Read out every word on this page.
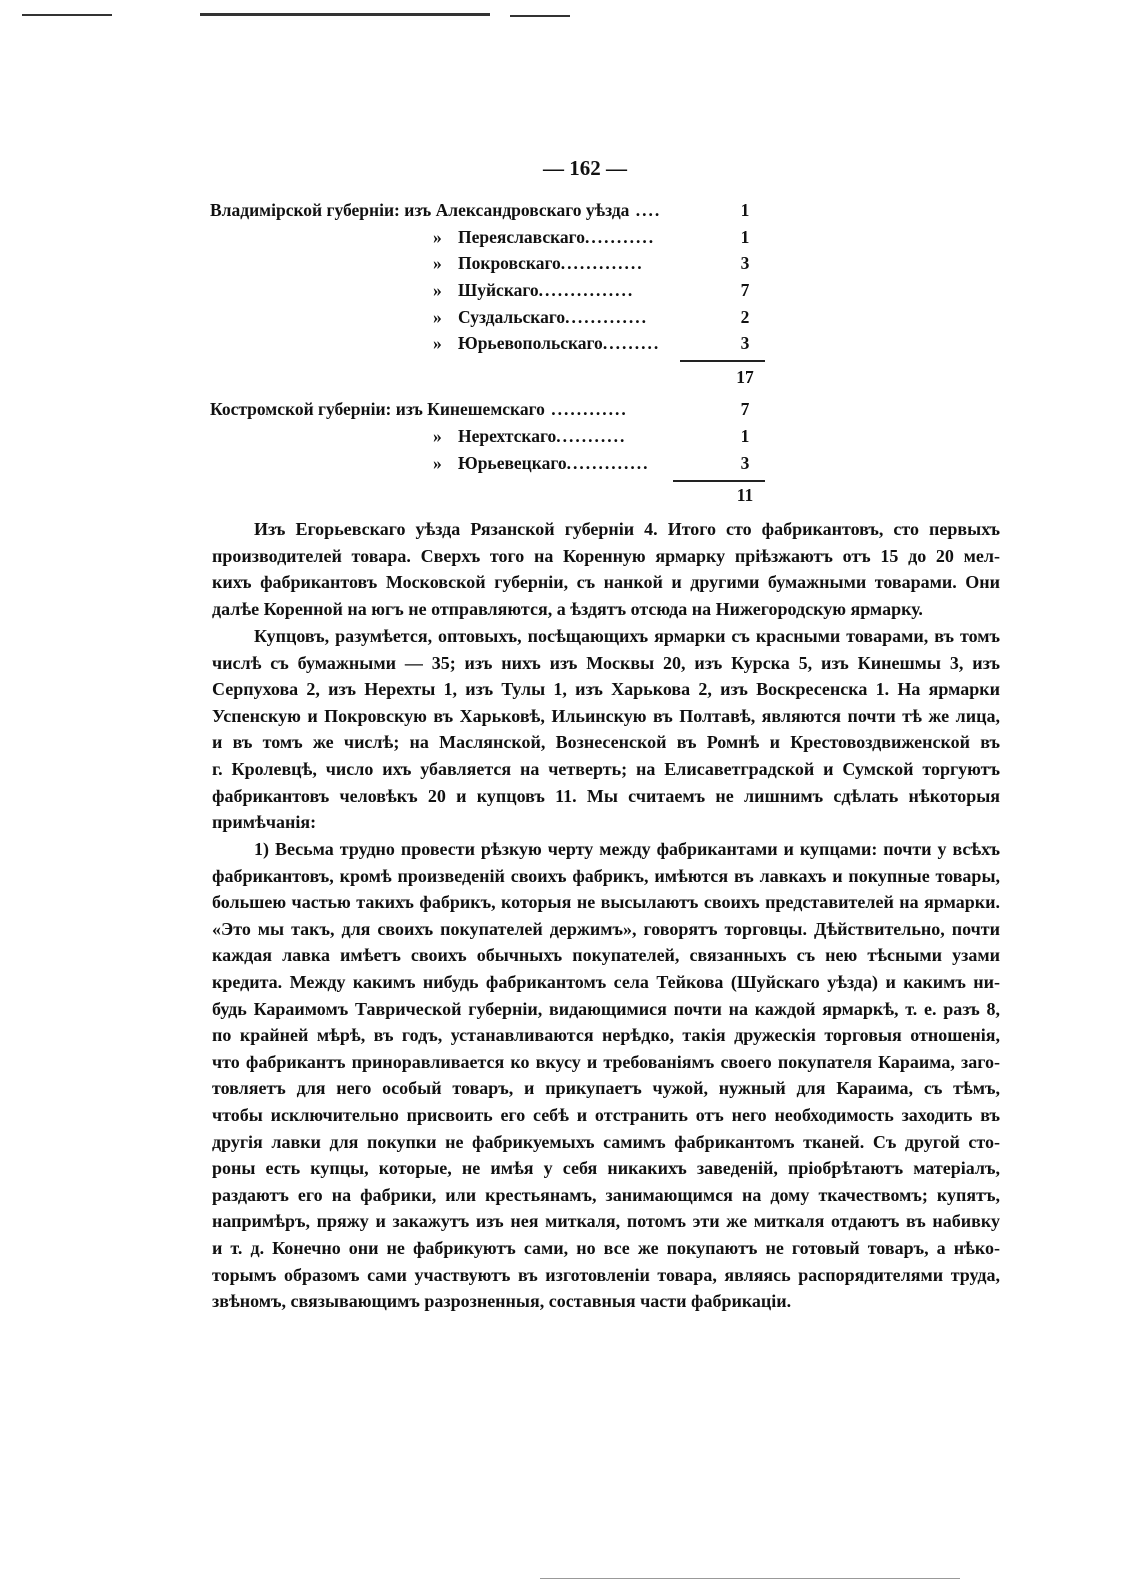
— 162 —
Владимірской губерніи: изъ Александровскаго уѣзда ....	1
» Переяславскаго...........	1
» Покровскаго.............	3
» Шуйскаго...............	7
» Суздальскаго.............	2
» Юрьевопольскаго.........	3
17
Костромской губерніи: изъ Кинешемскаго ............	7
» Нерехтскаго...........	1
» Юрьевецкаго.............	3
11
Изъ Егорьевскаго уѣзда Рязанской губерніи 4. Итого сто фабрикантовъ, сто первыхъ
производителей товара. Сверхъ того на Коренную ярмарку пріѣзжаютъ отъ 15 до 20 мел-
кихъ фабрикантовъ Московской губерніи, съ нанкой и другими бумажными товарами. Они
далѣе Коренной на югъ не отправляются, а ѣздятъ отсюда на Нижегородскую ярмарку.
Купцовъ, разумѣется, оптовыхъ, посѣщающихъ ярмарки съ красными товарами, въ томъ
числѣ съ бумажными — 35; изъ нихъ изъ Москвы 20, изъ Курска 5, изъ Кинешмы 3, изъ
Серпухова 2, изъ Нерехты 1, изъ Тулы 1, изъ Харькова 2, изъ Воскресенска 1. На ярмарки
Успенскую и Покровскую въ Харьковѣ, Ильинскую въ Полтавѣ, являются почти тѣ же лица,
и въ томъ же числѣ; на Маслянской, Вознесенской въ Ромнѣ и Крестовоздвиженской въ
г. Кролевцѣ, число ихъ убавляется на четверть; на Елисаветградской и Сумской торгуютъ
фабрикантовъ человѣкъ 20 и купцовъ 11. Мы считаемъ не лишнимъ сдѣлать нѣкоторыя
примѣчанія:
1) Весьма трудно провести рѣзкую черту между фабрикантами и купцами: почти у всѣхъ
фабрикантовъ, кромѣ произведеній своихъ фабрикъ, имѣются въ лавкахъ и покупные товары,
большею частью такихъ фабрикъ, которыя не высылаютъ своихъ представителей на ярмарки.
«Это мы такъ, для своихъ покупателей держимъ», говорятъ торговцы. Дѣйствительно, почти
каждая лавка имѣетъ своихъ обычныхъ покупателей, связанныхъ съ нею тѣсными узами
кредита. Между какимъ нибудь фабрикантомъ села Тейкова (Шуйскаго уѣзда) и какимъ ни-
будь Караимомъ Таврической губерніи, видающимися почти на каждой ярмаркѣ, т. е. разъ 8,
по крайней мѣрѣ, въ годъ, устанавливаются нерѣдко, такія дружескія торговыя отношенія,
что фабрикантъ приноравливается ко вкусу и требованіямъ своего покупателя Караима, заго-
товляетъ для него особый товаръ, и прикупаетъ чужой, нужный для Караима, съ тѣмъ,
чтобы исключительно присвоить его себѣ и отстранить отъ него необходимость заходить въ
другія лавки для покупки не фабрикуемыхъ самимъ фабрикантомъ тканей. Съ другой сто-
роны есть купцы, которые, не имѣя у себя никакихъ заведеній, пріобрѣтаютъ матеріалъ,
раздаютъ его на фабрики, или крестьянамъ, занимающимся на дому ткачествомъ; купятъ,
напримѣръ, пряжу и закажутъ изъ нея миткаля, потомъ эти же миткаля отдаютъ въ набивку
и т. д. Конечно они не фабрикуютъ сами, но все же покупаютъ не готовый товаръ, а нѣко-
торымъ образомъ сами участвуютъ въ изготовленіи товара, являясь распорядителями труда,
звѣномъ, связывающимъ разрозненныя, составныя части фабрикаціи.
